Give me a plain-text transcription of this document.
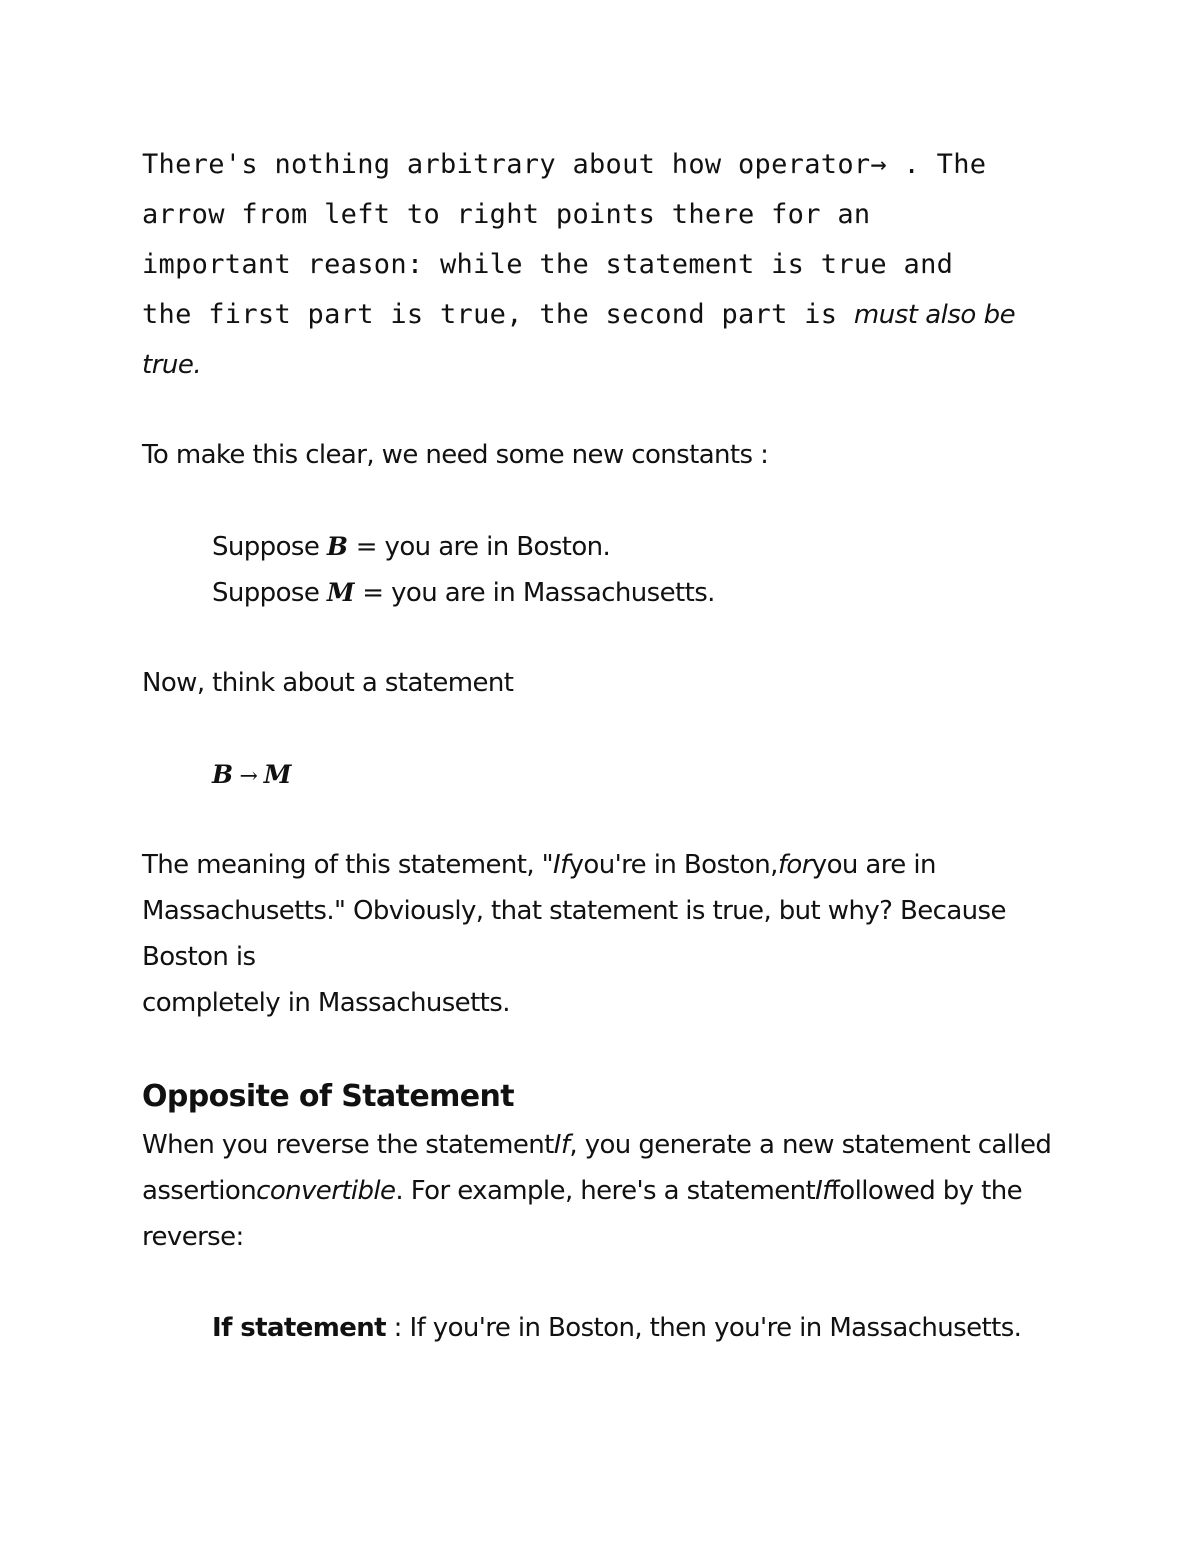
There's nothing arbitrary about how operator→ . The
arrow from left to right points there for an
important reason: while the statement is true and
the first part is true, the second part is must also be
true.

To make this clear, we need some new constants :

Suppose B = you are in Boston.

Suppose M = you are in Massachusetts.

Now, think about a statement

B → M

The meaning of this statement, "Ifyou're in Boston,foryou are in
Massachusetts." Obviously, that statement is true, but why? Because Boston is
completely in Massachusetts.
Opposite of Statement
When you reverse the statementIf, you generate a new statement called
assertionconvertible. For example, here's a statementIffollowed by the
reverse:

If statement : If you're in Boston, then you're in Massachusetts.
